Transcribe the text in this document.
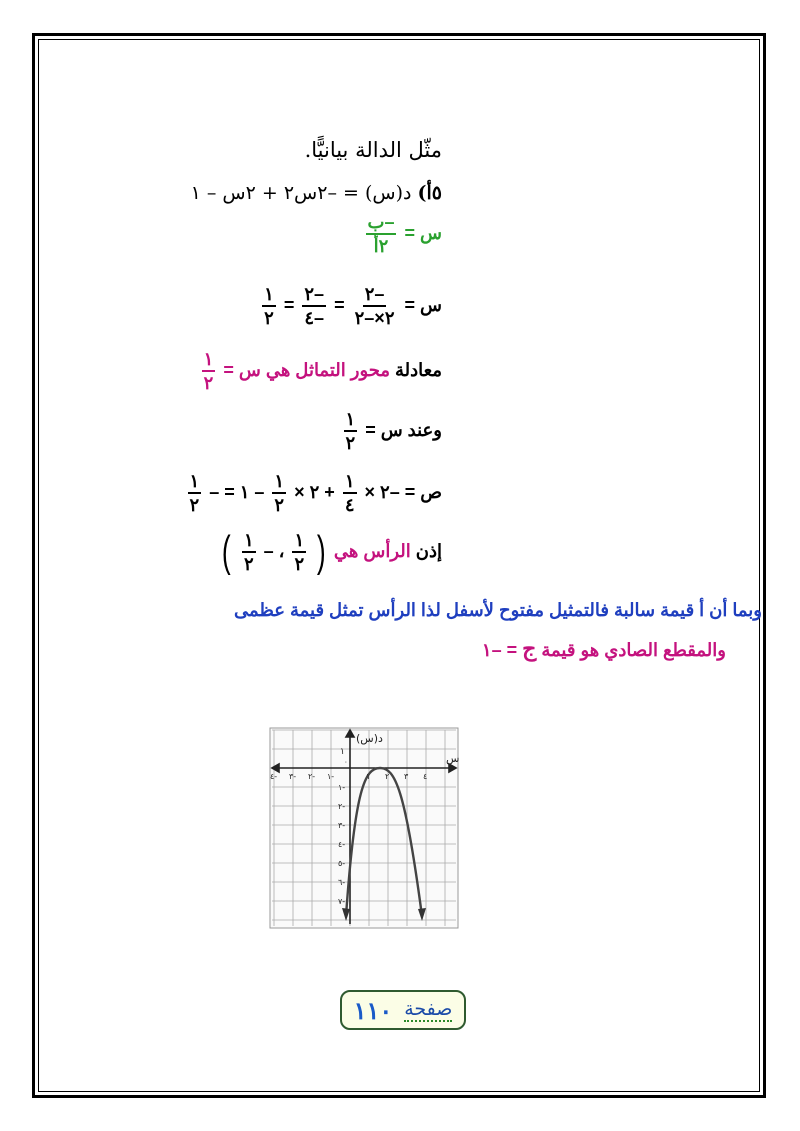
مثّل الدالة بيانيًّا.
٥أ) د(س) = –٢س٢ + ٢س – ١
س =
$\frac{\text{–ب}}{\text{٢أ}}$
س =
$\frac{-٢}{٢\times-٢}$
=
$\frac{-٢}{-٤}$
=
$\frac{١}{٢}$
معادلة محور التماثل هي س =
$\frac{١}{٢}$
وعند س =
$\frac{١}{٢}$
ص = –٢ ×
$\frac{١}{٤}$
+ ٢ ×
$\frac{١}{٢}$
– ١ = –
$\frac{١}{٢}$
إذن الرأس هي (
$\frac{١}{٢}$
، –
$\frac{١}{٢}$
)
وبما أن أ قيمة سالبة فالتمثيل مفتوح لأسفل لذا الرأس تمثل قيمة عظمى
والمقطع الصادي هو قيمة ج = –١
د(س)
س
١
٠
٤- ٣- ٢- ١-	١ ٢ ٣ ٤
١-
٢-
٣-
٤-
٥-
٦-
٧-
صفحة
١١٠
